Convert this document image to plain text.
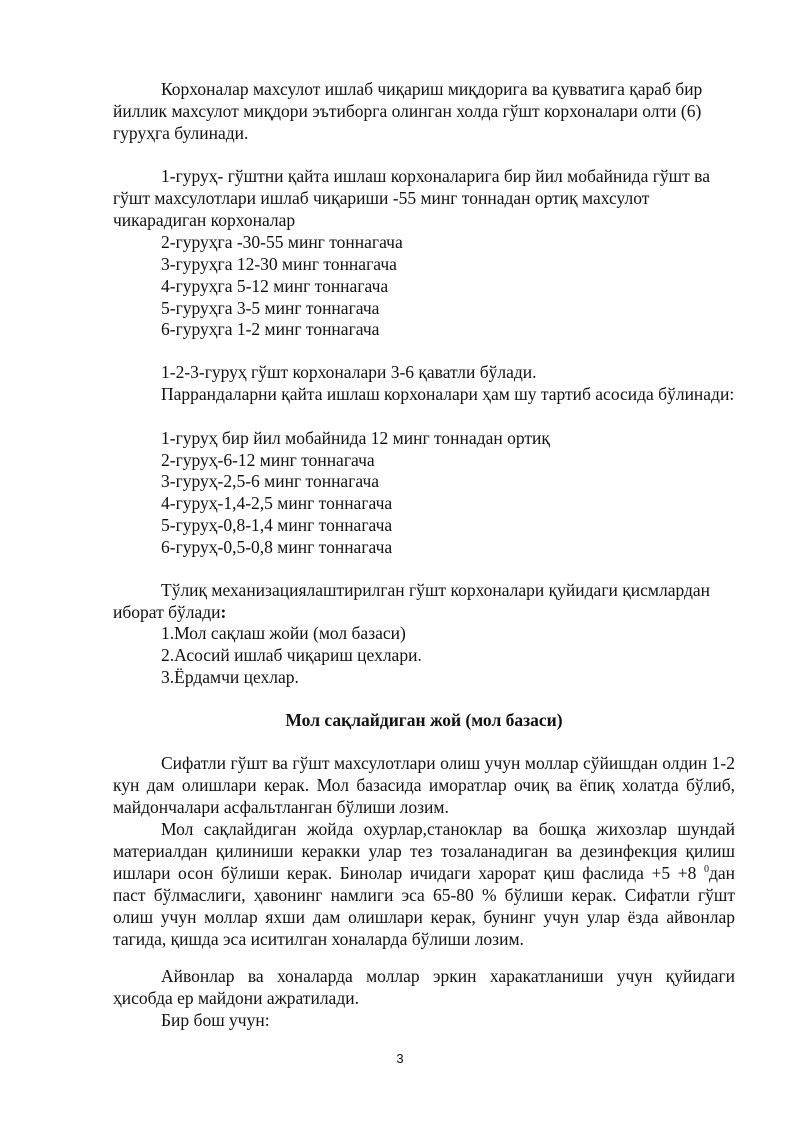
Корхоналар махсулот ишлаб чиқариш миқдорига ва қувватига қараб бир йиллик махсулот миқдори эътиборга олинган холда гўшт корхоналари олти (6) гуруҳга булинади.

1-гуруҳ- гўштни қайта ишлаш корхоналарига бир йил мобайнида гўшт ва гўшт махсулотлари ишлаб чиқариши -55 минг тоннадан ортиқ махсулот чикарадиган корхоналар

2-гуруҳга -30-55 минг тоннагача

3-гуруҳга 12-30 минг тоннагача

4-гуруҳга 5-12 минг тоннагача

5-гуруҳга 3-5 минг тоннагача

6-гуруҳга 1-2 минг тоннагача

1-2-3-гуруҳ гўшт корхоналари 3-6 қаватли бўлади.

Паррандаларни қайта ишлаш корхоналари ҳам шу тартиб асосида бўлинади:

1-гуруҳ бир йил мобайнида 12 минг тоннадан ортиқ

2-гуруҳ-6-12 минг тоннагача

3-гуруҳ-2,5-6 минг тоннагача

4-гуруҳ-1,4-2,5 минг тоннагача

5-гуруҳ-0,8-1,4 минг тоннагача

6-гуруҳ-0,5-0,8 минг тоннагача

Тўлиқ механизациялаштирилган гўшт корхоналари қуйидаги қисмлардан иборат бўлади:

1.Мол сақлаш жойи (мол базаси)

2.Асосий ишлаб чиқариш цехлари.

3.Ёрдамчи цехлар.

Мол сақлайдиган жой (мол базаси)

Сифатли гўшт ва гўшт махсулотлари олиш учун моллар сўйишдан олдин 1-2 кун дам олишлари керак. Мол базасида иморатлар очиқ ва ёпиқ холатда бўлиб, майдончалари асфальтланган бўлиши лозим.

Мол сақлайдиган жойда охурлар,станоклар ва бошқа жихозлар шундай материалдан қилиниши керакки улар тез тозаланадиган ва дезинфекция қилиш ишлари осон бўлиши керак. Бинолар ичидаги харорат қиш фаслида +5 +8 $^0$дан паст бўлмаслиги, ҳавонинг намлиги эса 65-80 % бўлиши керак. Сифатли гўшт олиш учун моллар яхши дам олишлари керак, бунинг учун улар ёзда айвонлар тагида, қишда эса иситилган хоналарда бўлиши лозим.

Айвонлар ва хоналарда моллар эркин харакатланиши учун қуйидаги ҳисобда ер майдони ажратилади.

Бир бош учун:

3
